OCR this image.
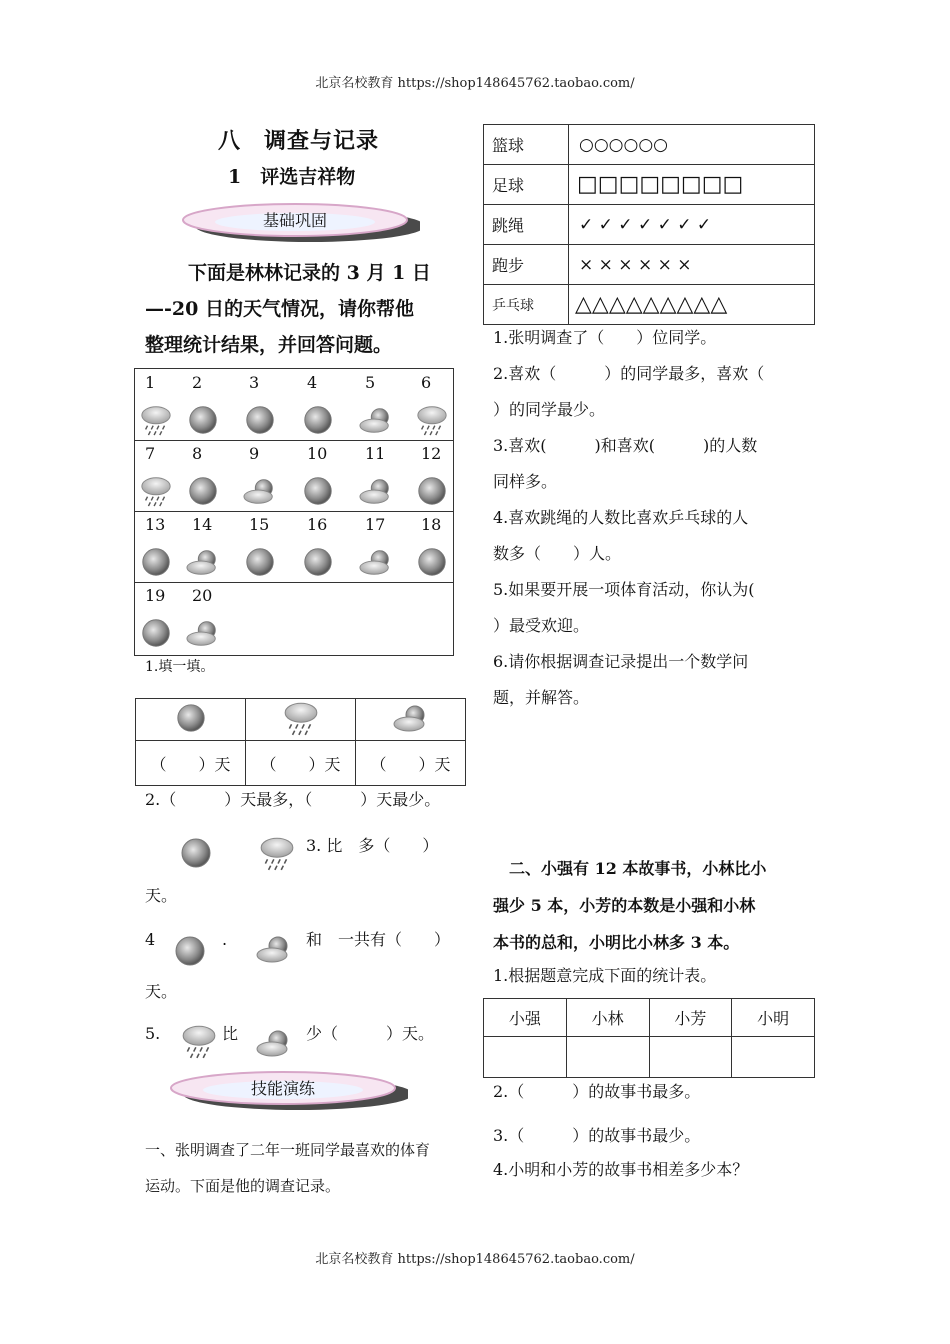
北京名校教育 https://shop148645762.taobao.com/
八　调查与记录
1　评选吉祥物
基础巩固
下面是林林记录的 3 月 1 日
—-20 日的天气情况，请你帮他
整理统计结果，并回答问题。
1 2	3	4	5	6
7 8	9	10 11 12
13 14 15 16 17 18
19 20
1.填一填。

（　　）天	（　　）天	（　　）天
2.（　　　）天最多，（　　　）天最少。
3. 比　多（　　）
天。
4	.	和　一共有（　　）
天。
5.	比	少（　　　）天。
技能演练
一、张明调查了二年一班同学最喜欢的体育
运动。下面是他的调查记录。
篮球	○○○○○○
足球	□□□□□□□□
跳绳	✓ ✓ ✓ ✓ ✓ ✓ ✓
跑步	× × × × × ×
乒乓球	△△△△△△△△△
1.张明调查了（　　）位同学。
2.喜欢（　　　）的同学最多，喜欢（
）的同学最少。
3.喜欢(　　　)和喜欢(　　　)的人数
同样多。
4.喜欢跳绳的人数比喜欢乒乓球的人
数多（　　）人。
5.如果要开展一项体育活动，你认为(
）最受欢迎。
6.请你根据调查记录提出一个数学问
题，并解答。
二、小强有 12 本故事书，小林比小
强少 5 本，小芳的本数是小强和小林
本书的总和，小明比小林多 3 本。
1.根据题意完成下面的统计表。
小强	小林	小芳	小明

2.（　　　）的故事书最多。
3.（　　　）的故事书最少。
4.小明和小芳的故事书相差多少本？
北京名校教育 https://shop148645762.taobao.com/
